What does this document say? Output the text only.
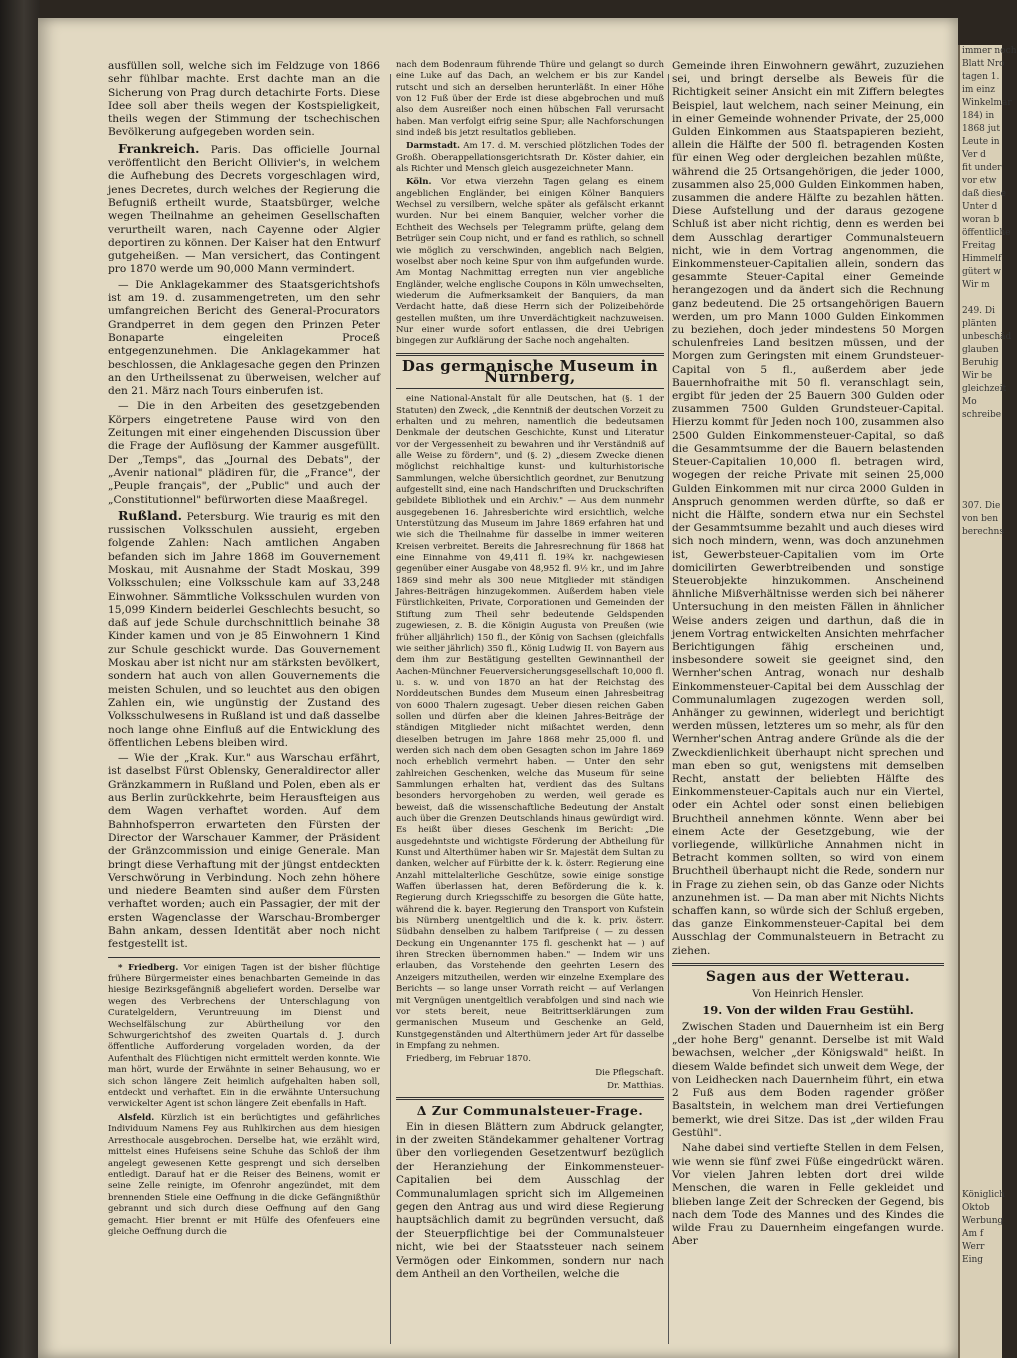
ausfüllen soll, welche sich im Feldzuge von 1866 sehr fühlbar machte. Erst dachte man an die Sicherung von Prag durch detachirte Forts. Diese Idee soll aber theils wegen der Kostspieligkeit, theils wegen der Stimmung der tschechischen Bevölkerung aufgegeben worden sein.

Frankreich. Paris. Das officielle Journal veröffentlicht den Bericht Ollivier's, in welchem die Aufhebung des Decrets vorgeschlagen wird, jenes Decretes, durch welches der Regierung die Befugniß ertheilt wurde, Staatsbürger, welche wegen Theilnahme an geheimen Gesellschaften verurtheilt waren, nach Cayenne oder Algier deportiren zu können. Der Kaiser hat den Entwurf gutgeheißen. — Man versichert, das Contingent pro 1870 werde um 90,000 Mann vermindert.

— Die Anklagekammer des Staatsgerichtshofs ist am 19. d. zusammengetreten, um den sehr umfangreichen Bericht des General-Procurators Grandperret in dem gegen den Prinzen Peter Bonaparte eingeleiten Proceß entgegenzunehmen. Die Anklagekammer hat beschlossen, die Anklagesache gegen den Prinzen an den Urtheilssenat zu überweisen, welcher auf den 21. März nach Tours einberufen ist.

— Die in den Arbeiten des gesetzgebenden Körpers eingetretene Pause wird von den Zeitungen mit einer eingehenden Discussion über die Frage der Auflösung der Kammer ausgefüllt. Der „Temps", das „Journal des Debats", der „Avenir national" plädiren für, die „France", der „Peuple français", der „Public" und auch der „Constitutionnel" befürworten diese Maaßregel.

Rußland. Petersburg. Wie traurig es mit den russischen Volksschulen aussieht, ergeben folgende Zahlen: Nach amtlichen Angaben befanden sich im Jahre 1868 im Gouvernement Moskau, mit Ausnahme der Stadt Moskau, 399 Volksschulen; eine Volksschule kam auf 33,248 Einwohner. Sämmtliche Volksschulen wurden von 15,099 Kindern beiderlei Geschlechts besucht, so daß auf jede Schule durchschnittlich beinahe 38 Kinder kamen und von je 85 Einwohnern 1 Kind zur Schule geschickt wurde. Das Gouvernement Moskau aber ist nicht nur am stärksten bevölkert, sondern hat auch von allen Gouvernements die meisten Schulen, und so leuchtet aus den obigen Zahlen ein, wie ungünstig der Zustand des Volksschulwesens in Rußland ist und daß dasselbe noch lange ohne Einfluß auf die Entwicklung des öffentlichen Lebens bleiben wird.

— Wie der „Krak. Kur." aus Warschau erfährt, ist daselbst Fürst Oblensky, Generaldirector aller Gränzkammern in Rußland und Polen, eben als er aus Berlin zurückkehrte, beim Herausfteigen aus dem Wagen verhaftet worden. Auf dem Bahnhofsperron erwarteten den Fürsten der Director der Warschauer Kammer, der Präsident der Gränzcommission und einige Generale. Man bringt diese Verhaftung mit der jüngst entdeckten Verschwörung in Verbindung. Noch zehn höhere und niedere Beamten sind außer dem Fürsten verhaftet worden; auch ein Passagier, der mit der ersten Wagenclasse der Warschau-Bromberger Bahn ankam, dessen Identität aber noch nicht festgestellt ist.

* Friedberg. Vor einigen Tagen ist der bisher flüchtige frühere Bürgermeister eines benachbarten Gemeinde in das hiesige Bezirksgefängniß abgeliefert worden. Derselbe war wegen des Verbrechens der Unterschlagung von Curatelgeldern, Veruntreuung im Dienst und Wechselfälschung zur Abürtheilung vor den Schwurgerichtshof des zweiten Quartals d. J. durch öffentliche Aufforderung vorgeladen worden, da der Aufenthalt des Flüchtigen nicht ermittelt werden konnte. Wie man hört, wurde der Erwähnte in seiner Behausung, wo er sich schon längere Zeit heimlich aufgehalten haben soll, entdeckt und verhaftet. Ein in die erwähnte Untersuchung verwickelter Agent ist schon längere Zeit ebenfalls in Haft.

Alsfeld. Kürzlich ist ein berüchtigtes und gefährliches Individuum Namens Fey aus Ruhlkirchen aus dem hiesigen Arresthocale ausgebrochen. Derselbe hat, wie erzählt wird, mittelst eines Hufeisens seine Schuhe das Schloß der ihm angelegt gewesenen Kette gesprengt und sich derselben entledigt. Darauf hat er die Reiser des Beinens, womit er seine Zelle reinigte, im Ofenrohr angezündet, mit dem brennenden Stiele eine Oeffnung in die dicke Gefängnißthür gebrannt und sich durch diese Oeffnung auf den Gang gemacht. Hier brennt er mit Hülfe des Ofenfeuers eine gleiche Oeffnung durch die

nach dem Bodenraum führende Thüre und gelangt so durch eine Luke auf das Dach, an welchem er bis zur Kandel rutscht und sich an derselben herunterläßt. In einer Höhe von 12 Fuß über der Erde ist diese abgebrochen und muß also dem Ausreißer noch einen hübschen Fall verursacht haben. Man verfolgt eifrig seine Spur; alle Nachforschungen sind indeß bis jetzt resultatlos geblieben.

Darmstadt. Am 17. d. M. verschied plötzlichen Todes der Großh. Oberappellationsgerichtsrath Dr. Köster dahier, ein als Richter und Mensch gleich ausgezeichneter Mann.

Köln. Vor etwa vierzehn Tagen gelang es einem angeblichen Engländer, bei einigen Kölner Banquiers Wechsel zu versilbern, welche später als gefälscht erkannt wurden. Nur bei einem Banquier, welcher vorher die Echtheit des Wechsels per Telegramm prüfte, gelang dem Betrüger sein Coup nicht, und er fand es rathlich, so schnell wie möglich zu verschwinden, angeblich nach Belgien, woselbst aber noch keine Spur von ihm aufgefunden wurde. Am Montag Nachmittag erregten nun vier angebliche Engländer, welche englische Coupons in Köln umwechselten, wiederum die Aufmerksamkeit der Banquiers, da man Verdacht hatte, daß diese Herrn sich der Polizeibehörde gestellen mußten, um ihre Unverdächtigkeit nachzuweisen. Nur einer wurde sofort entlassen, die drei Uebrigen bingegen zur Aufklärung der Sache noch angehalten.

Das germanische Museum in Nürnberg,

eine National-Anstalt für alle Deutschen, hat (§. 1 der Statuten) den Zweck, „die Kenntniß der deutschen Vorzeit zu erhalten und zu mehren, namentlich die bedeutsamen Denkmale der deutschen Geschichte, Kunst und Literatur vor der Vergessenheit zu bewahren und ihr Verständniß auf alle Weise zu fördern", und (§. 2) „diesem Zwecke dienen möglichst reichhaltige kunst- und kulturhistorische Sammlungen, welche übersichtlich geordnet, zur Benutzung aufgestellt sind, eine nach Handschriften und Druckschriften gebildete Bibliothek und ein Archiv." — Aus dem nunmehr ausgegebenen 16. Jahresberichte wird ersichtlich, welche Unterstützung das Museum im Jahre 1869 erfahren hat und wie sich die Theilnahme für dasselbe in immer weiteren Kreisen verbreitet. Bereits die Jahresrechnung für 1868 hat eine Einnahme von 49,411 fl. 19¾ kr. nachgewiesen gegenüber einer Ausgabe von 48,952 fl. 9½ kr., und im Jahre 1869 sind mehr als 300 neue Mitglieder mit ständigen Jahres-Beiträgen hinzugekommen. Außerdem haben viele Fürstlichkeiten, Private, Corporationen und Gemeinden der Stiftung zum Theil sehr bedeutende Geldspenden zugewiesen, z. B. die Königin Augusta von Preußen (wie früher alljährlich) 150 fl., der König von Sachsen (gleichfalls wie seither jährlich) 350 fl., König Ludwig II. von Bayern aus dem ihm zur Bestätigung gestellten Gewinnantheil der Aachen-Münchner Feuerversicherungsgesellschaft 10,000 fl. u. s. w. und von 1870 an hat der Reichstag des Norddeutschen Bundes dem Museum einen Jahresbeitrag von 6000 Thalern zugesagt. Ueber diesen reichen Gaben sollen und dürfen aber die kleinen Jahres-Beiträge der ständigen Mitglieder nicht mißachtet werden, denn dieselben betrugen im Jahre 1868 mehr 25,000 fl. und werden sich nach dem oben Gesagten schon im Jahre 1869 noch erheblich vermehrt haben. — Unter den sehr zahlreichen Geschenken, welche das Museum für seine Sammlungen erhalten hat, verdient das des Sultans besonders hervorgehoben zu werden, weil gerade es beweist, daß die wissenschaftliche Bedeutung der Anstalt auch über die Grenzen Deutschlands hinaus gewürdigt wird. Es heißt über dieses Geschenk im Bericht: „Die ausgedehntste und wichtigste Förderung der Abtheilung für Kunst und Alterthümer haben wir Sr. Majestät dem Sultan zu danken, welcher auf Fürbitte der k. k. österr. Regierung eine Anzahl mittelalterliche Geschütze, sowie einige sonstige Waffen überlassen hat, deren Beförderung die k. k. Regierung durch Kriegsschiffe zu besorgen die Güte hatte, während die k. bayer. Regierung den Transport von Kufstein bis Nürnberg unentgeltlich und die k. k. priv. österr. Südbahn denselben zu halbem Tarifpreise ( — zu dessen Deckung ein Ungenannter 175 fl. geschenkt hat — ) auf ihren Strecken übernommen haben." — Indem wir uns erlauben, das Vorstehende den geehrten Lesern des Anzeigers mitzutheilen, werden wir einzelne Exemplare des Berichts — so lange unser Vorrath reicht — auf Verlangen mit Vergnügen unentgeltlich verabfolgen und sind nach wie vor stets bereit, neue Beitrittserklärungen zum germanischen Museum und Geschenke an Geld, Kunstgegenständen und Alterthümern jeder Art für dasselbe in Empfang zu nehmen.

Friedberg, im Februar 1870.

Die Pflegschaft.

Dr. Matthias.

Δ Zur Communalsteuer-Frage.

Ein in diesen Blättern zum Abdruck gelangter, in der zweiten Ständekammer gehaltener Vortrag über den vorliegenden Gesetzentwurf bezüglich der Heranziehung der Einkommensteuer-Capitalien bei dem Ausschlag der Communalumlagen spricht sich im Allgemeinen gegen den Antrag aus und wird diese Regierung hauptsächlich damit zu begründen versucht, daß der Steuerpflichtige bei der Communalsteuer nicht, wie bei der Staatssteuer nach seinem Vermögen oder Einkommen, sondern nur nach dem Antheil an den Vortheilen, welche die

Gemeinde ihren Einwohnern gewährt, zuzuziehen sei, und bringt derselbe als Beweis für die Richtigkeit seiner Ansicht ein mit Ziffern belegtes Beispiel, laut welchem, nach seiner Meinung, ein in einer Gemeinde wohnender Private, der 25,000 Gulden Einkommen aus Staatspapieren bezieht, allein die Hälfte der 500 fl. betragenden Kosten für einen Weg oder dergleichen bezahlen müßte, während die 25 Ortsangehörigen, die jeder 1000, zusammen also 25,000 Gulden Einkommen haben, zusammen die andere Hälfte zu bezahlen hätten. Diese Aufstellung und der daraus gezogene Schluß ist aber nicht richtig, denn es werden bei dem Ausschlag derartiger Communalsteuern nicht, wie in dem Vortrag angenommen, die Einkommensteuer-Capitalien allein, sondern das gesammte Steuer-Capital einer Gemeinde herangezogen und da ändert sich die Rechnung ganz bedeutend. Die 25 ortsangehörigen Bauern werden, um pro Mann 1000 Gulden Einkommen zu beziehen, doch jeder mindestens 50 Morgen schulenfreies Land besitzen müssen, und der Morgen zum Geringsten mit einem Grundsteuer-Capital von 5 fl., außerdem aber jede Bauernhofraithe mit 50 fl. veranschlagt sein, ergibt für jeden der 25 Bauern 300 Gulden oder zusammen 7500 Gulden Grundsteuer-Capital. Hierzu kommt für Jeden noch 100, zusammen also 2500 Gulden Einkommensteuer-Capital, so daß die Gesammtsumme der die Bauern belastenden Steuer-Capitalien 10,000 fl. betragen wird, wogegen der reiche Private mit seinen 25,000 Gulden Einkommen mit nur circa 2000 Gulden in Anspruch genommen werden dürfte, so daß er nicht die Hälfte, sondern etwa nur ein Sechstel der Gesammtsumme bezahlt und auch dieses wird sich noch mindern, wenn, was doch anzunehmen ist, Gewerbsteuer-Capitalien vom im Orte domicilirten Gewerbtreibenden und sonstige Steuerobjekte hinzukommen. Anscheinend ähnliche Mißverhältnisse werden sich bei näherer Untersuchung in den meisten Fällen in ähnlicher Weise anders zeigen und darthun, daß die in jenem Vortrag entwickelten Ansichten mehrfacher Berichtigungen fähig erscheinen und, insbesondere soweit sie geeignet sind, den Wernher'schen Antrag, wonach nur deshalb Einkommensteuer-Capital bei dem Ausschlag der Communalumlagen zugezogen werden soll, Anhänger zu gewinnen, widerlegt und berichtigt werden müssen, letzteres um so mehr, als für den Wernher'schen Antrag andere Gründe als die der Zweckdienlichkeit überhaupt nicht sprechen und man eben so gut, wenigstens mit demselben Recht, anstatt der beliebten Hälfte des Einkommensteuer-Capitals auch nur ein Viertel, oder ein Achtel oder sonst einen beliebigen Bruchtheil annehmen könnte. Wenn aber bei einem Acte der Gesetzgebung, wie der vorliegende, willkürliche Annahmen nicht in Betracht kommen sollten, so wird von einem Bruchtheil überhaupt nicht die Rede, sondern nur in Frage zu ziehen sein, ob das Ganze oder Nichts anzunehmen ist. — Da man aber mit Nichts Nichts schaffen kann, so würde sich der Schluß ergeben, das ganze Einkommensteuer-Capital bei dem Ausschlag der Communalsteuern in Betracht zu ziehen.

Sagen aus der Wetterau.

Von Heinrich Hensler.

19. Von der wilden Frau Gestühl.

Zwischen Staden und Dauernheim ist ein Berg „der hohe Berg" genannt. Derselbe ist mit Wald bewachsen, welcher „der Königswald" heißt. In diesem Walde befindet sich unweit dem Wege, der von Leidhecken nach Dauernheim führt, ein etwa 2 Fuß aus dem Boden ragender größer Basaltstein, in welchem man drei Vertiefungen bemerkt, wie drei Sitze. Das ist „der wilden Frau Gestühl".

Nahe dabei sind vertiefte Stellen in dem Felsen, wie wenn sie fünf zwei Füße eingedrückt wären. Vor vielen Jahren lebten dort drei wilde Menschen, die waren in Felle gekleidet und blieben lange Zeit der Schrecken der Gegend, bis nach dem Tode des Mannes und des Kindes die wilde Frau zu Dauernheim eingefangen wurde. Aber

immer noch
Blatt Nro
tagen 1.
im einz
Winkelmar
184) in
1868 jut
Leute in
Ver d
fit under
vor etw
daß diese
Unter d
woran b
öffentliche
Freitag
Himmelf
gütert w
Wir m

249. Di
plänten
unbeschäd
glauben
Beruhig
Wir be
gleichzeit
Mo
schreibe

307. Die
von ben
berechns

Königlich
Oktob
Werbung
Am f
Werr
Eing
